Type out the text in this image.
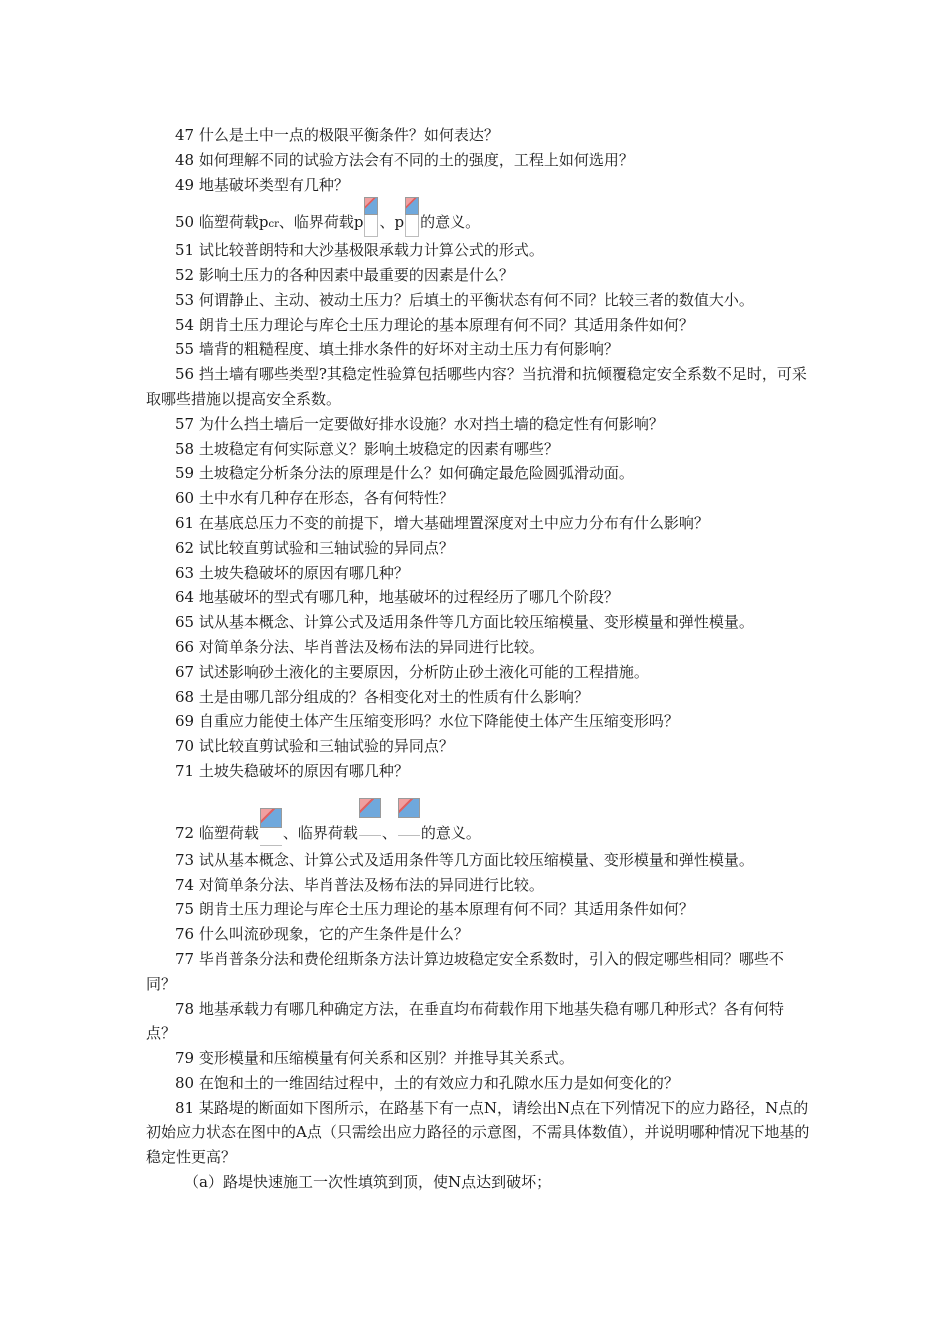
47 什么是土中一点的极限平衡条件？如何表达？

48 如何理解不同的试验方法会有不同的土的强度，工程上如何选用？

49 地基破坏类型有几种？

50 临塑荷载pcr、临界荷载p 、p 的意义。

51 试比较普朗特和大沙基极限承载力计算公式的形式。

52 影响土压力的各种因素中最重要的因素是什么？

53 何谓静止、主动、被动土压力？后填土的平衡状态有何不同？比较三者的数值大小。

54 朗肯土压力理论与库仑土压力理论的基本原理有何不同？其适用条件如何？

55 墙背的粗糙程度、填土排水条件的好坏对主动土压力有何影响？

56 挡土墙有哪些类型?其稳定性验算包括哪些内容？当抗滑和抗倾覆稳定安全系数不足时，可采取哪些措施以提高安全系数。

57 为什么挡土墙后一定要做好排水设施？水对挡土墙的稳定性有何影响？

58 土坡稳定有何实际意义？影响土坡稳定的因素有哪些？

59 土坡稳定分析条分法的原理是什么？如何确定最危险圆弧滑动面。

60 土中水有几种存在形态，各有何特性？

61 在基底总压力不变的前提下，增大基础埋置深度对土中应力分布有什么影响？

62 试比较直剪试验和三轴试验的异同点？

63 土坡失稳破坏的原因有哪几种？

64 地基破坏的型式有哪几种，地基破坏的过程经历了哪几个阶段？

65 试从基本概念、计算公式及适用条件等几方面比较压缩模量、变形模量和弹性模量。

66 对简单条分法、毕肖普法及杨布法的异同进行比较。

67 试述影响砂土液化的主要原因，分析防止砂土液化可能的工程措施。

68 土是由哪几部分组成的？各相变化对土的性质有什么影响？

69 自重应力能使土体产生压缩变形吗？水位下降能使土体产生压缩变形吗？

70 试比较直剪试验和三轴试验的异同点？

71 土坡失稳破坏的原因有哪几种？

72 临塑荷载 、临界荷载 、 的意义。

73 试从基本概念、计算公式及适用条件等几方面比较压缩模量、变形模量和弹性模量。

74 对简单条分法、毕肖普法及杨布法的异同进行比较。

75 朗肯土压力理论与库仑土压力理论的基本原理有何不同？其适用条件如何？

76 什么叫流砂现象，它的产生条件是什么？

77 毕肖普条分法和费伦纽斯条方法计算边坡稳定安全系数时，引入的假定哪些相同？哪些不同？

78 地基承载力有哪几种确定方法，在垂直均布荷载作用下地基失稳有哪几种形式？各有何特点？

79 变形模量和压缩模量有何关系和区别？并推导其关系式。

80 在饱和土的一维固结过程中，土的有效应力和孔隙水压力是如何变化的？

81 某路堤的断面如下图所示，在路基下有一点N，请绘出N点在下列情况下的应力路径，N点的初始应力状态在图中的A点（只需绘出应力路径的示意图，不需具体数值），并说明哪种情况下地基的稳定性更高？

（a）路堤快速施工一次性填筑到顶，使N点达到破坏；
